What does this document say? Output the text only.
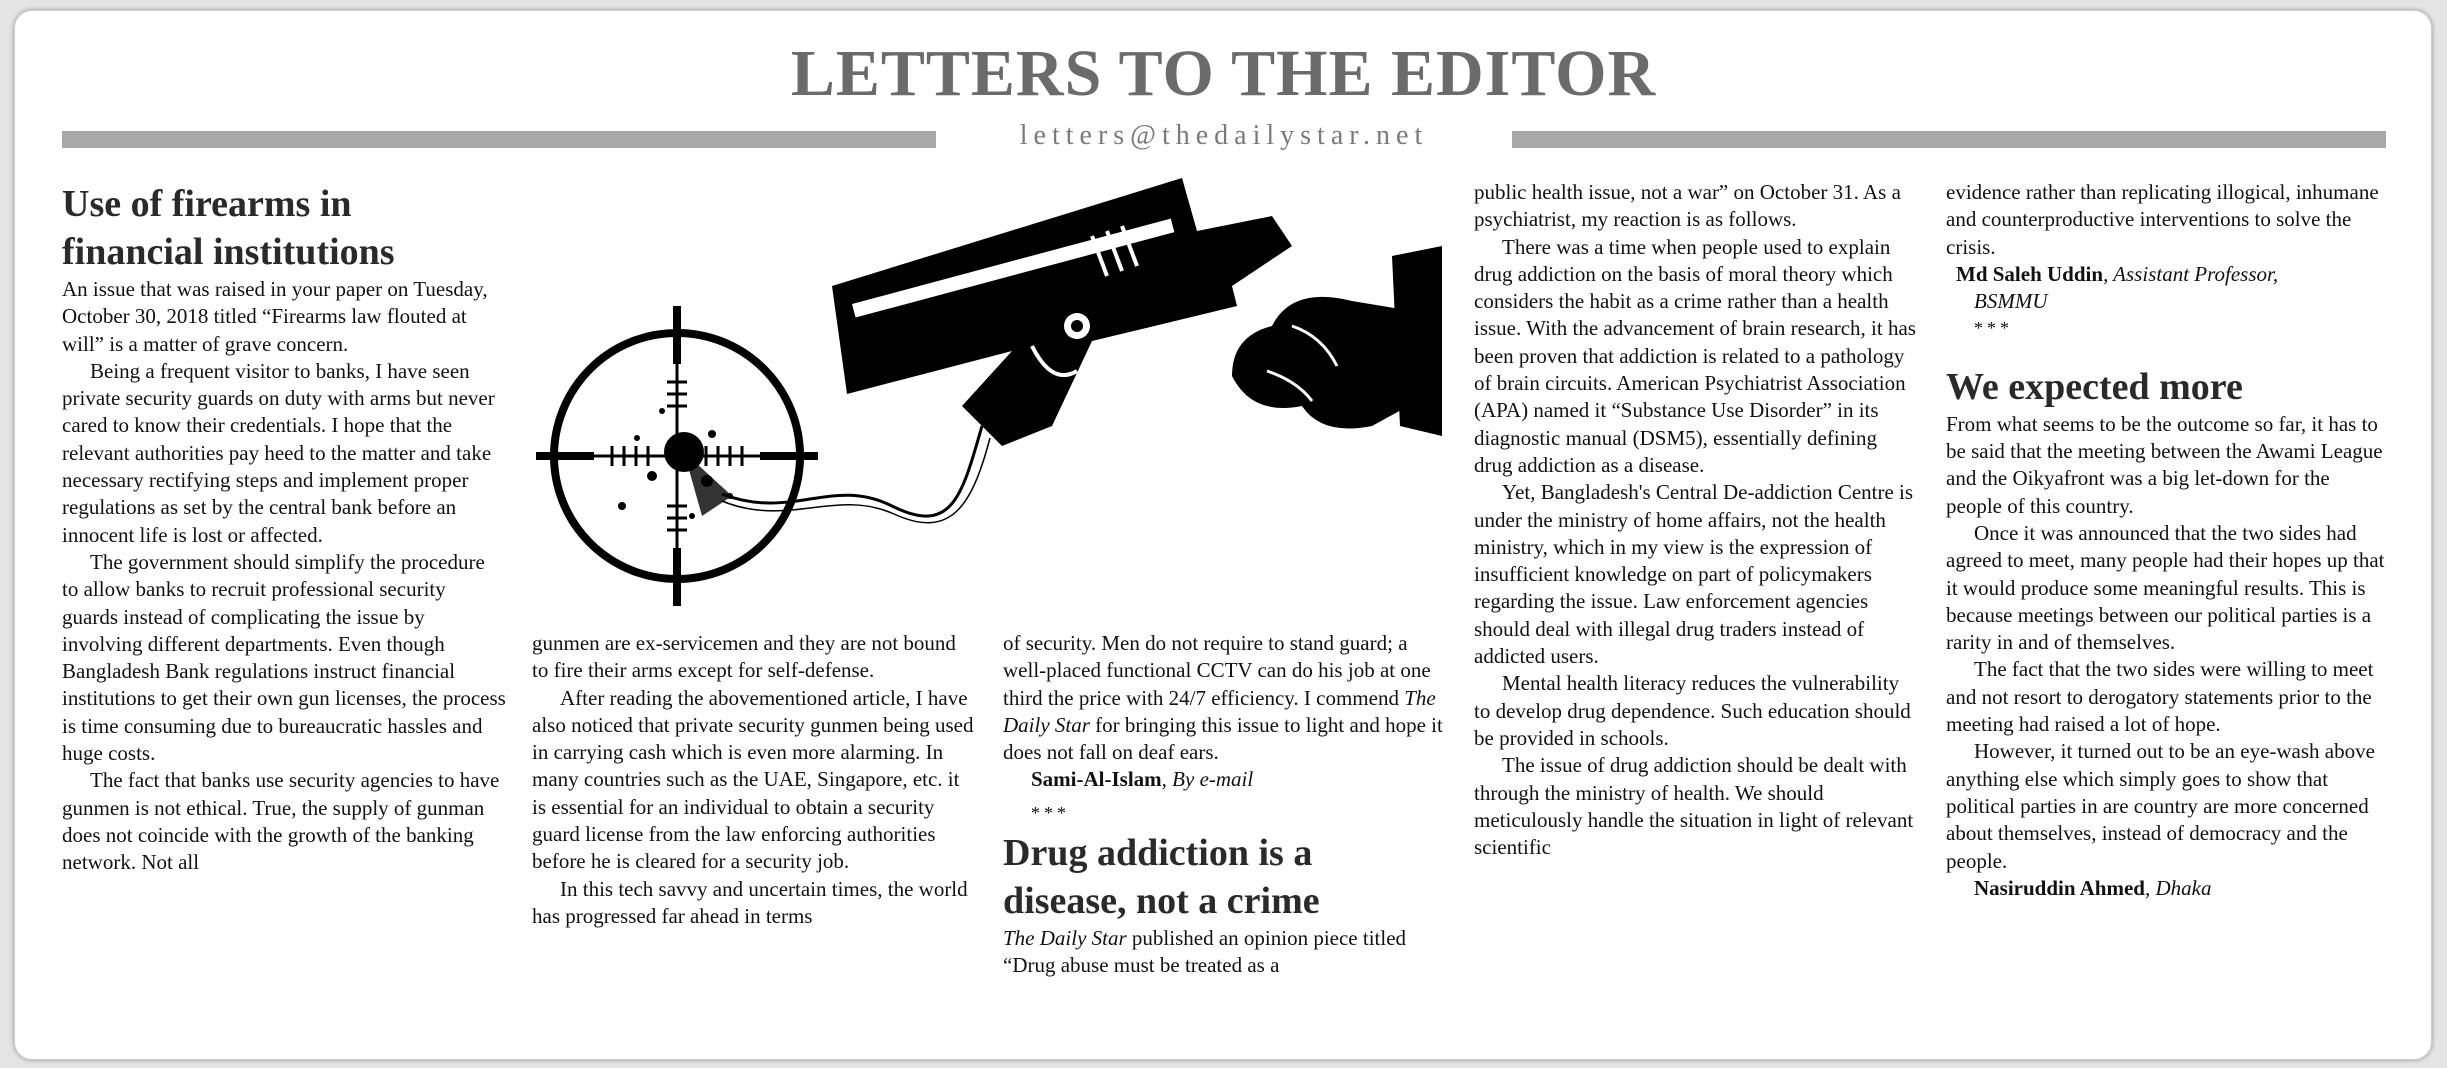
LETTERS TO THE EDITOR
letters@thedailystar.net
Use of firearms in
financial institutions

An issue that was raised in your paper on Tuesday, October 30, 2018 titled “Firearms law flouted at will” is a matter of grave concern.

Being a frequent visitor to banks, I have seen private security guards on duty with arms but never cared to know their credentials. I hope that the relevant authorities pay heed to the matter and take necessary rectifying steps and implement proper regulations as set by the central bank before an innocent life is lost or affected.

The government should simplify the procedure to allow banks to recruit professional security guards instead of complicating the issue by involving different departments. Even though Bangladesh Bank regulations instruct financial institutions to get their own gun licenses, the process is time consuming due to bureaucratic hassles and huge costs.

The fact that banks use security agencies to have gunmen is not ethical. True, the supply of gunman does not coincide with the growth of the banking network. Not all

gunmen are ex-servicemen and they are not bound to fire their arms except for self-defense.

After reading the abovementioned article, I have also noticed that private security gunmen being used in carrying cash which is even more alarming. In many countries such as the UAE, Singapore, etc. it is essential for an individual to obtain a security guard license from the law enforcing authorities before he is cleared for a security job.

In this tech savvy and uncertain times, the world has progressed far ahead in terms

of security. Men do not require to stand guard; a well-placed functional CCTV can do his job at one third the price with 24/7 efficiency. I commend The Daily Star for bringing this issue to light and hope it does not fall on deaf ears.

Sami-Al-Islam, By e-mail

***

Drug addiction is a
disease, not a crime

The Daily Star published an opinion piece titled “Drug abuse must be treated as a

public health issue, not a war” on October 31. As a psychiatrist, my reaction is as follows.

There was a time when people used to explain drug addiction on the basis of moral theory which considers the habit as a crime rather than a health issue. With the advancement of brain research, it has been proven that addiction is related to a pathology of brain circuits. American Psychiatrist Association (APA) named it “Substance Use Disorder” in its diagnostic manual (DSM5), essentially defining drug addiction as a disease.

Yet, Bangladesh's Central De-addiction Centre is under the ministry of home affairs, not the health ministry, which in my view is the expression of insufficient knowledge on part of policymakers regarding the issue. Law enforcement agencies should deal with illegal drug traders instead of addicted users.

Mental health literacy reduces the vulnerability to develop drug dependence. Such education should be provided in schools.

The issue of drug addiction should be dealt with through the ministry of health. We should meticulously handle the situation in light of relevant scientific

evidence rather than replicating illogical, inhumane and counterproductive interventions to solve the crisis.

Md Saleh Uddin, Assistant Professor,

BSMMU

***

We expected more

From what seems to be the outcome so far, it has to be said that the meeting between the Awami League and the Oikyafront was a big let-down for the people of this country.

Once it was announced that the two sides had agreed to meet, many people had their hopes up that it would produce some meaningful results. This is because meetings between our political parties is a rarity in and of themselves.

The fact that the two sides were willing to meet and not resort to derogatory statements prior to the meeting had raised a lot of hope.

However, it turned out to be an eye-wash above anything else which simply goes to show that political parties in are country are more concerned about themselves, instead of democracy and the people.

Nasiruddin Ahmed, Dhaka
